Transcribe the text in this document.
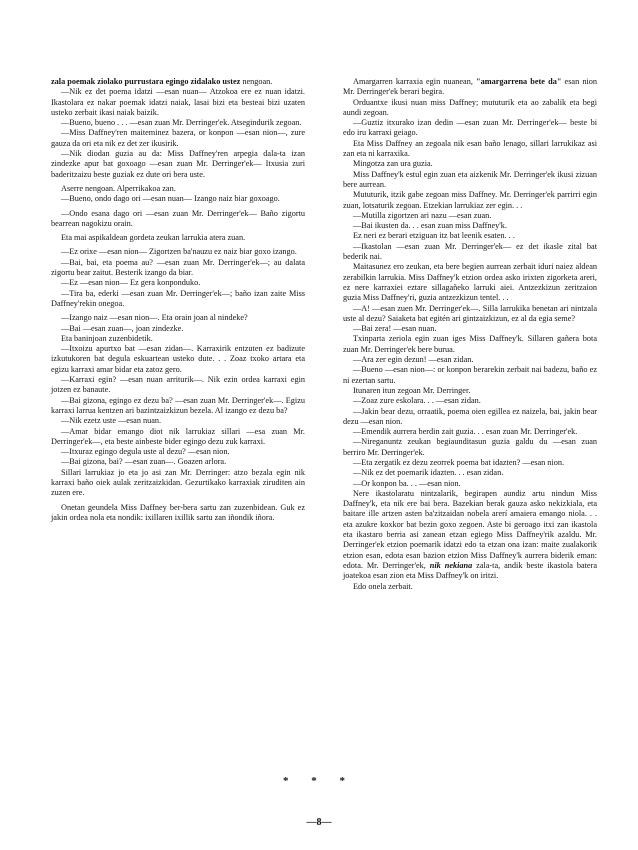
zala poemak ziolako purrustara egingo zidalako ustez nengoan.

—Nik ez det poema idatzi —esan nuan— Atzokoa ere ez nuan idatzi. Ikastolara ez nakar poemak idatzi naiak, lasai bizi eta besteai bizi uzaten usteko zerbait ikasi naiak baizik.

—Bueno, bueno . . . —esan zuan Mr. Derringer'ek. Atsegindurik zegoan.

—Miss Daffney'ren maiteminez bazera, or konpon —esan nion—, zure gauza da ori eta nik ez det zer ikusirik.

—Nik diodan guzia au da: Miss Daffney'ren arpegia dala-ta izan zindezke apur bat goxoago —esan zuan Mr. Derringer'ek— Itxusia zuri baderitzaizu beste guziak ez dute ori bera uste.

Aserre nengoan. Alperrikakoa zan.

—Bueno, ondo dago ori —esan nuan— Izango naiz biar goxoago.

—Ondo esana dago ori —esan zuan Mr. Derringer'ek— Baño zigortu bearrean nagokizu orain.

Eta mai aspikaldean gordeta zeukan larrukia atera zuan.

—Ez orixe —esan nion— Zigortzen ba'nauzu ez naiz biar goxo izango.

—Bai, bai, eta poema au? —esan zuan Mr. Derringer'ek—; au dalata zigortu bear zaitut. Besterik izango da biar.

—Ez —esan nion— Ez gera konponduko.

—Tira ba, ederki —esan zuan Mr. Derringer'ek—; baño izan zaite Miss Daffney'rekin onegoa.

—Izango naiz —esan nion—. Eta orain joan al nindeke?

—Bai —esan zuan—, joan zindezke.

Eta baninjoan zuzenbidetik.

—Itxoizu apurtxo bat —esan zidan—. Karraxirik entzuten ez badizute izkutukoren bat degula eskuartean usteko dute. . . Zoaz txoko artara eta egizu karraxi amar bidar eta zatoz gero.

—Karraxi egin? —esan nuan arriturik—. Nik ezin ordea karraxi egin jotzen ez banaute.

—Bai gizona, egingo ez dezu ba? —esan zuan Mr. Derringer'ek—. Egizu karraxi larrua kentzen ari bazintzaizkizun bezela. Al izango ez dezu ba?

—Nik ezetz uste —esan nuan.

—Amar bidar emango diot nik larrukiaz sillari —esa zuan Mr. Derringer'ek—, eta beste ainbeste bider egingo dezu zuk karraxi.

—Itxuraz egingo degula uste al dezu? —esan nion.

—Bai gizona, bai? —esan zuan—. Goazen arlora.

Sillari larrukiaz jo eta jo asi zan Mr. Derringer: atzo bezala egin nik karraxi baño oiek aulak zeritzaizkidan. Gezurtikako karraxiak ziruditen ain zuzen ere.

Onetan geundela Miss Daffney ber-bera sartu zan zuzenbidean. Guk ez jakin ordea nola eta nondik: ixillaren ixillik sartu zan iñondik iñora.

Amargarren karraxia egin nuanean, "amargarrena bete da" esan nion Mr. Derringer'ek berari begira.

Orduantxe ikusi nuan miss Daffney; mututurik eta ao zabalik eta begi aundi zegoan.

—Guztiz itxurako izan dedin —esan zuan Mr. Derringer'ek— beste bi edo iru karraxi geiago.

Eta Miss Daffney an zegoala nik esan baño lenago, sillari larrukikaz asi zan eta ni karraxika.

Mingotza zan ura guzia.

Miss Daffney'k estul egin zuan eta aizkenik Mr. Derringer'ek ikusi zizuan bere aurrean.

Mututurik, itzik gabe zegoan miss Daffney. Mr. Derringer'ek parrirri egin zuan, lotsaturik zegoan. Etzekian larrukiaz zer egin. . .

—Mutilla zigortzen ari nazu —esan zuan.

—Bai ikusten da. . . esan zuan miss Daffney'k.

Ez neri ez berari etziguan itz bat leenik esaten. . .

—Ikastolan —esan zuan Mr. Derringer'ek— ez det ikasle zital bat bederik nai.

Maitasunez ero zeukan, eta bere begien aurrean zerbait iduri naiez aldean zerabilkin larrukia. Miss Daffney'k etzion ordea asko irixten zigorketa areri, ez nere karraxiei eztare sillagañeko larruki aiei. Antzezkizun zeritzaion guzia Miss Daffney'ri, guzia antzezkizun tentel. . .

—A! —esan zuen Mr. Derringer'ek—. Silla larrukika benetan ari nintzala uste al dezu? Saiaketa bat egitén ari gintzaizkizun, ez al da egia seme?

—Bai zera! —esan nuan.

Txinparta zeriola egin zuan iges Miss Daffney'k. Sillaren gañera bota zuan Mr. Derringer'ek bere burua.

—Ara zer egin dezun! —esan zidan.

—Bueno —esan nion—: or konpon berarekin zerbait nai badezu, baño ez ni ezertan sartu.

Itunaren itun zegoan Mr. Derringer.

—Zoaz zure eskolara. . . —esan zidan.

—Jakin bear dezu, orraatik, poema oien egillea ez naizela, bai, jakin bear dezu —esan nion.

—Emendik aurrera berdin zait guzia. . . esan zuan Mr. Derringer'ek.

—Nireganuntz zeukan begiaunditasun guzia galdu du —esan zuan berriro Mr. Derringer'ek.

—Eta zergatik ez dezu zeorrek poema bat idazten? —esan nion.

—Nik ez det poemarik idazten. . . esan zidan.

—Or konpon ba. . . —esan nion.

Nere ikastolaratu nintzalarik, begirapen aundiz artu nindun Miss Daffney'k, eta nik ere bai bera. Bazekian berak gauza asko nekizkiala, eta baitare ille artzen asten ba'zitzaidan nobela arerí amaiera emango niola. . . eta azukre koxkor bat bezin goxo zegoen. Aste bi geroago itxi zan ikastola eta ikastaro berria asi zanean etzan egiego Miss Daffney'rik azaldu. Mr. Derringer'ek etzion poemarik idatzi edo ta etzan ona izan: maite zualakorik etzion esan, edota esan bazion etzion Miss Daffney'k aurrera biderik eman: edota. Mr. Derringer'ek, nik nekiana zala-ta, andik beste ikastola batera joatekoa esan zion eta Miss Daffney'k on iritzi.

Edo onela zerbait.

* * *
—8—
